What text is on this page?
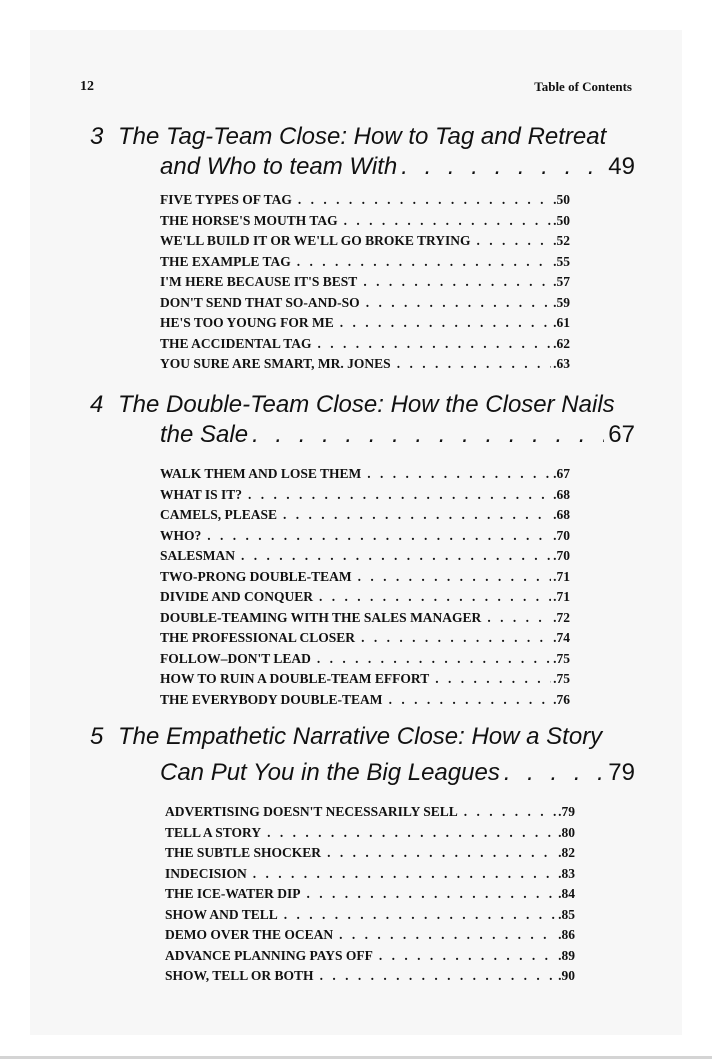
12	Table of Contents
3 The Tag-Team Close: How to Tag and Retreat
and Who to team With . . .	49
FIVE TYPES OF TAG . . .	.50
THE HORSE'S MOUTH TAG . . .	.50
WE'LL BUILD IT OR WE'LL GO BROKE TRYING . . .	.52
THE EXAMPLE TAG . . .	.55
I'M HERE BECAUSE IT'S BEST . . .	.57
DON'T SEND THAT SO-AND-SO . . .	.59
HE'S TOO YOUNG FOR ME . . .	.61
THE ACCIDENTAL TAG . . .	.62
YOU SURE ARE SMART, MR. JONES . . .	.63
4 The Double-Team Close: How the Closer Nails
the Sale . . .	67
WALK THEM AND LOSE THEM . . .	.67
WHAT IS IT? . . .	.68
CAMELS, PLEASE . . .	.68
WHO? . . .	.70
SALESMAN . . .	.70
TWO-PRONG DOUBLE-TEAM . . .	.71
DIVIDE AND CONQUER . . .	.71
DOUBLE-TEAMING WITH THE SALES MANAGER . . .	.72
THE PROFESSIONAL CLOSER . . .	.74
FOLLOW–DON'T LEAD . . .	.75
HOW TO RUIN A DOUBLE-TEAM EFFORT . . .	.75
THE EVERYBODY DOUBLE-TEAM . . .	.76
5 The Empathetic Narrative Close: How a Story
Can Put You in the Big Leagues . . .	79
ADVERTISING DOESN'T NECESSARILY SELL . . .	.79
TELL A STORY . . .	.80
THE SUBTLE SHOCKER . . .	.82
INDECISION . . .	.83
THE ICE-WATER DIP . . .	.84
SHOW AND TELL . . .	.85
DEMO OVER THE OCEAN . . .	.86
ADVANCE PLANNING PAYS OFF . . .	.89
SHOW, TELL OR BOTH . . .	.90
